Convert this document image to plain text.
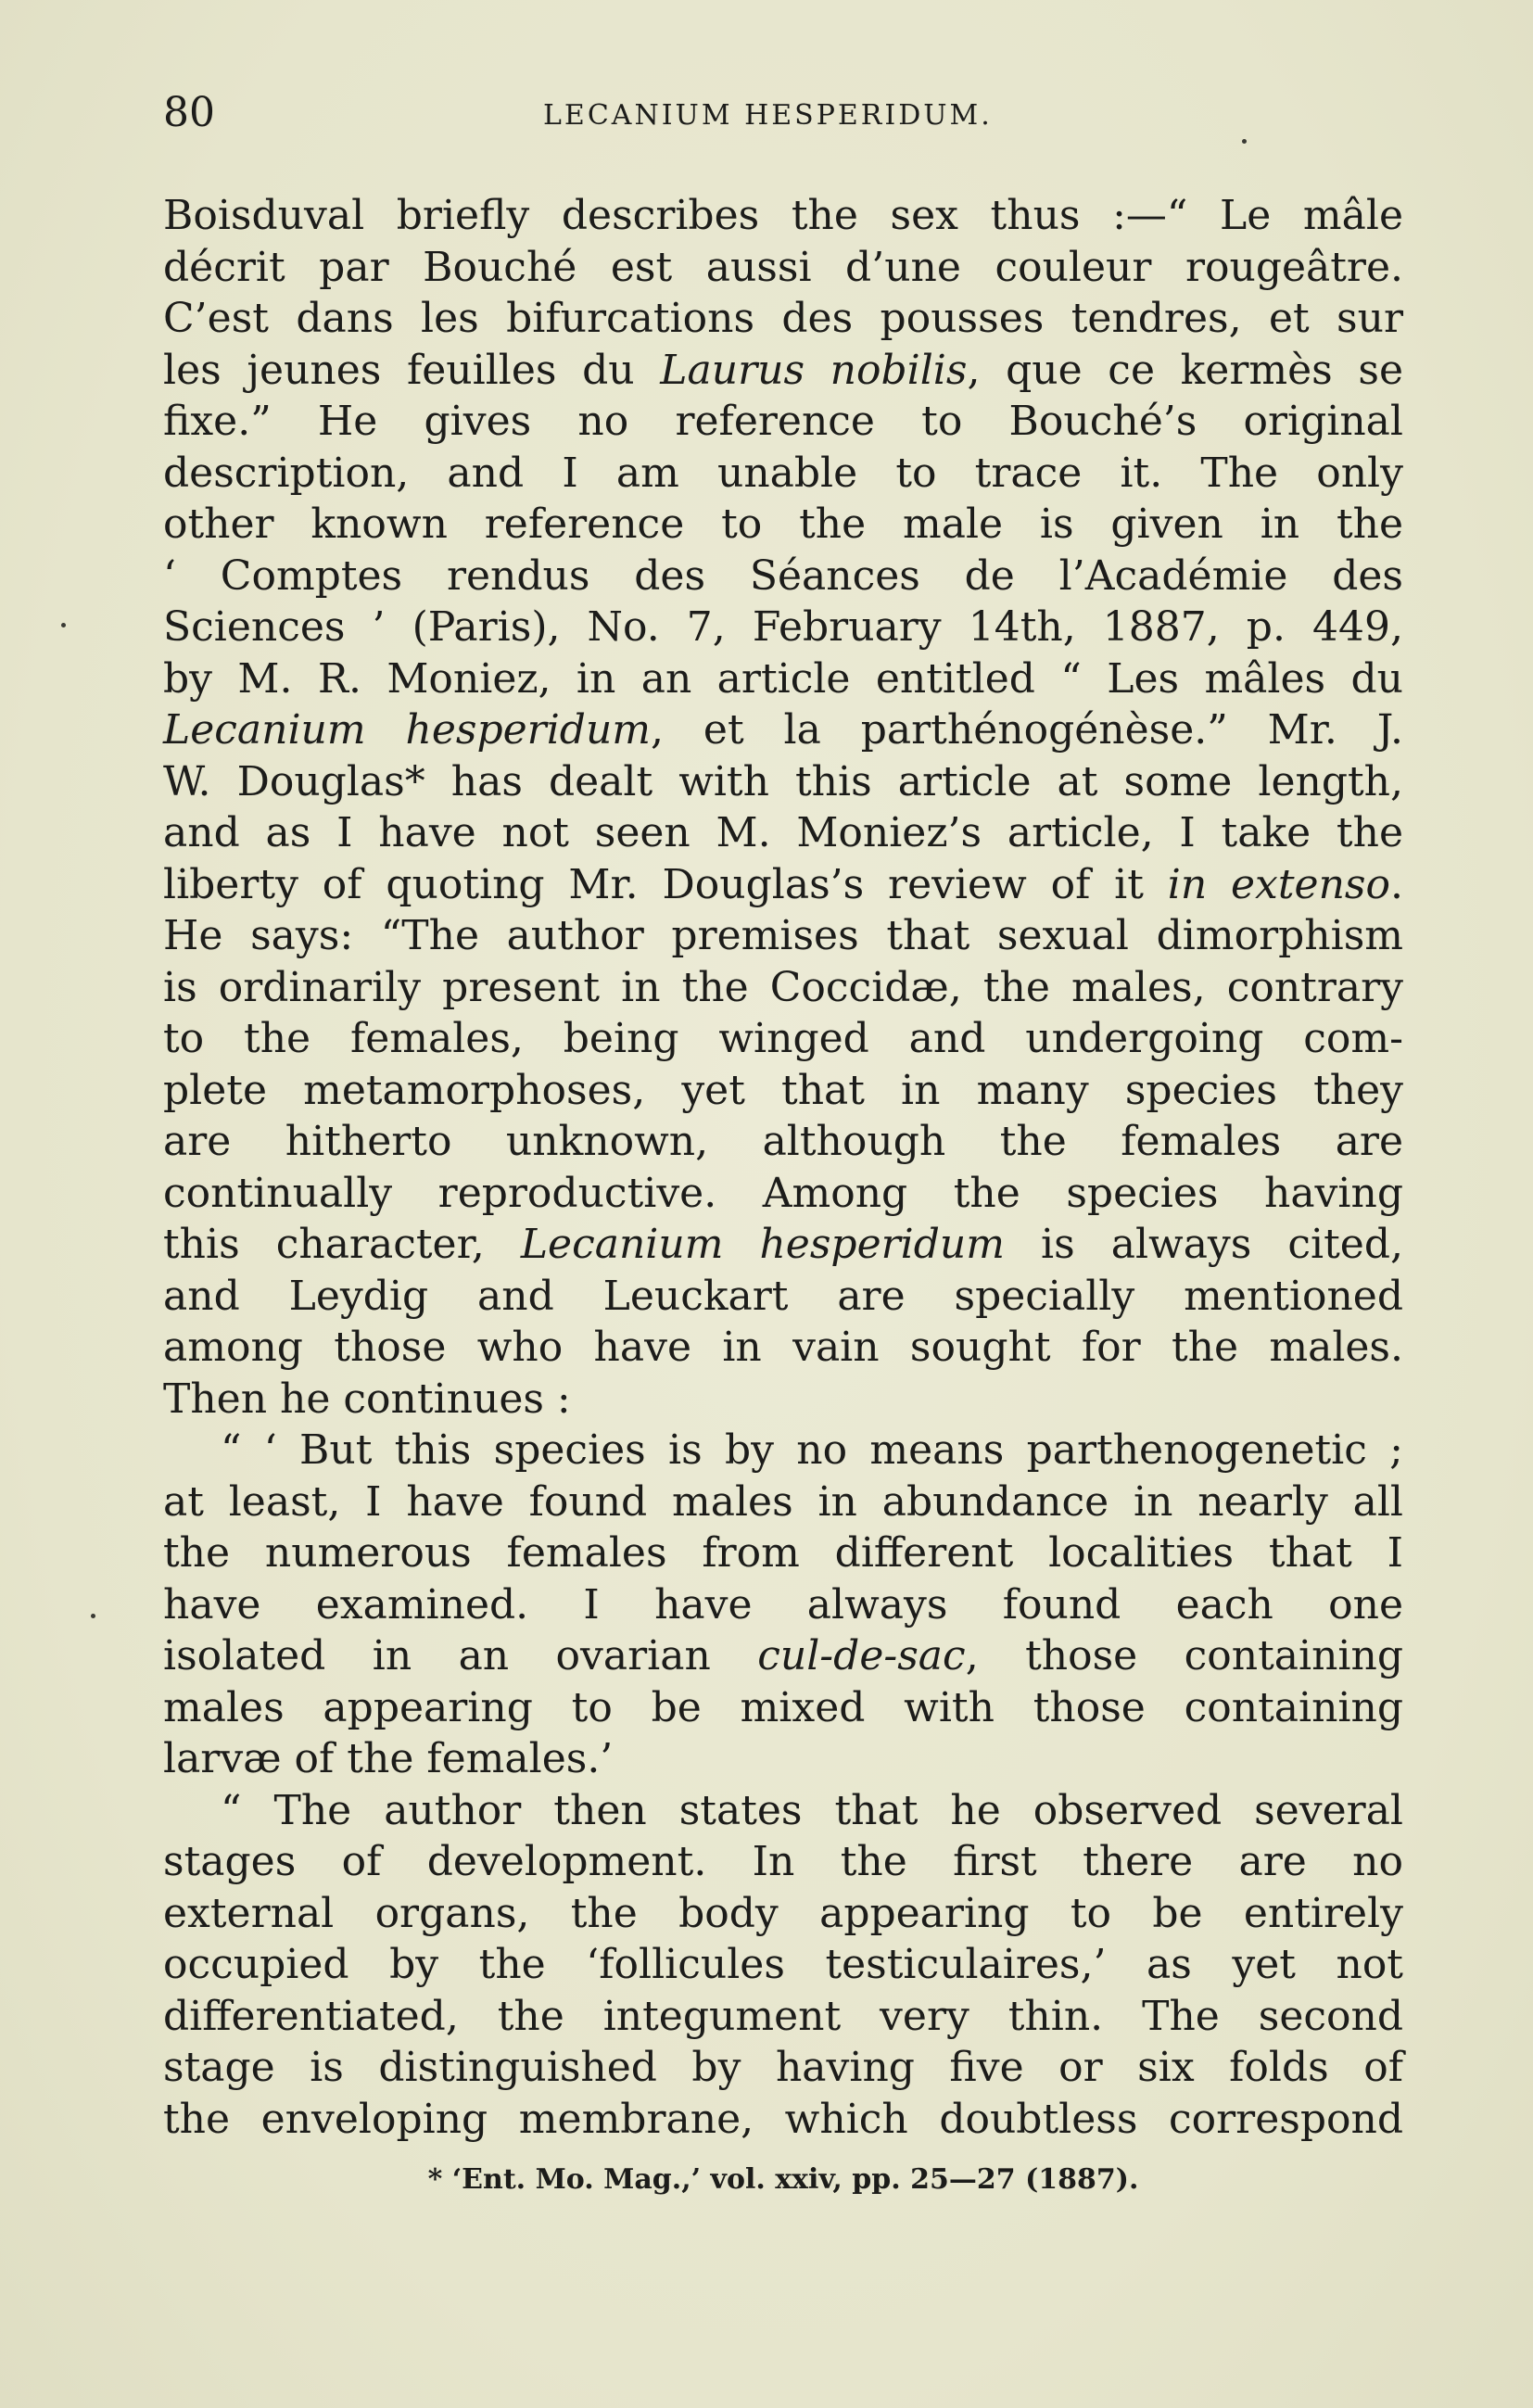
80	LECANIUM HESPERIDUM.
Boisduval briefly describes the sex thus :—“ Le mâle
décrit par Bouché est aussi d’une couleur rougeâtre.
C’est dans les bifurcations des pousses tendres, et sur
les jeunes feuilles du Laurus nobilis, que ce kermès se
fixe.” He gives no reference to Bouché’s original
description, and I am unable to trace it. The only
other known reference to the male is given in the
‘ Comptes rendus des Séances de l’Académie des
Sciences ’ (Paris), No. 7, February 14th, 1887, p. 449,
by M. R. Moniez, in an article entitled “ Les mâles du
Lecanium hesperidum, et la parthénogénèse.” Mr. J.
W. Douglas* has dealt with this article at some length,
and as I have not seen M. Moniez’s article, I take the
liberty of quoting Mr. Douglas’s review of it in extenso.
He says: “The author premises that sexual dimorphism
is ordinarily present in the Coccidæ, the males, contrary
to the females, being winged and undergoing com-
plete metamorphoses, yet that in many species they
are hitherto unknown, although the females are
continually reproductive. Among the species having
this character, Lecanium hesperidum is always cited,
and Leydig and Leuckart are specially mentioned
among those who have in vain sought for the males.
Then he continues :
“ ‘ But this species is by no means parthenogenetic ;
at least, I have found males in abundance in nearly all
the numerous females from different localities that I
have examined. I have always found each one
isolated in an ovarian cul-de-sac, those containing
males appearing to be mixed with those containing
larvæ of the females.’
“ The author then states that he observed several
stages of development. In the first there are no
external organs, the body appearing to be entirely
occupied by the ‘follicules testiculaires,’ as yet not
differentiated, the integument very thin. The second
stage is distinguished by having five or six folds of
the enveloping membrane, which doubtless correspond
* ‘Ent. Mo. Mag.,’ vol. xxiv, pp. 25—27 (1887).
